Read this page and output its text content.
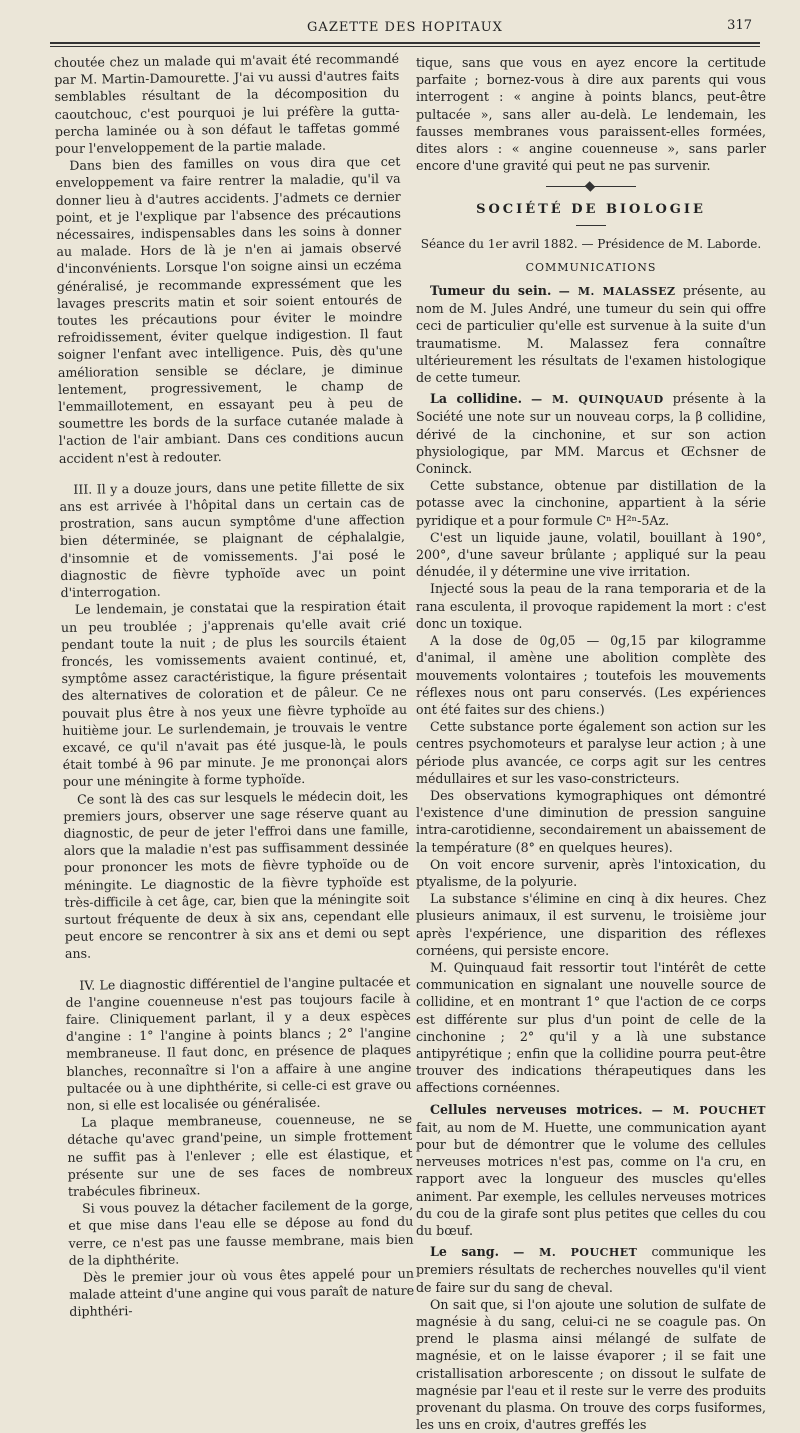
GAZETTE DES HOPITAUX	317

choutée chez un malade qui m'avait été recommandé par M. Martin-Damourette. J'ai vu aussi d'autres faits semblables résultant de la décomposition du caoutchouc, c'est pourquoi je lui préfère la gutta-percha laminée ou à son défaut le taffetas gommé pour l'enveloppement de la partie malade.

Dans bien des familles on vous dira que cet enveloppement va faire rentrer la maladie, qu'il va donner lieu à d'autres accidents. J'admets ce dernier point, et je l'explique par l'absence des précautions nécessaires, indispensables dans les soins à donner au malade. Hors de là je n'en ai jamais observé d'inconvénients. Lorsque l'on soigne ainsi un eczéma généralisé, je recommande expressément que les lavages prescrits matin et soir soient entourés de toutes les précautions pour éviter le moindre refroidissement, éviter quelque indigestion. Il faut soigner l'enfant avec intelligence. Puis, dès qu'une amélioration sensible se déclare, je diminue lentement, progressivement, le champ de l'emmaillotement, en essayant peu à peu de soumettre les bords de la surface cutanée malade à l'action de l'air ambiant. Dans ces conditions aucun accident n'est à redouter.

III. Il y a douze jours, dans une petite fillette de six ans est arrivée à l'hôpital dans un certain cas de prostration, sans aucun symptôme d'une affection bien déterminée, se plaignant de céphalalgie, d'insomnie et de vomissements. J'ai posé le diagnostic de fièvre typhoïde avec un point d'interrogation.

Le lendemain, je constatai que la respiration était un peu troublée ; j'apprenais qu'elle avait crié pendant toute la nuit ; de plus les sourcils étaient froncés, les vomissements avaient continué, et, symptôme assez caractéristique, la figure présentait des alternatives de coloration et de pâleur. Ce ne pouvait plus être à nos yeux une fièvre typhoïde au huitième jour. Le surlendemain, je trouvais le ventre excavé, ce qu'il n'avait pas été jusque-là, le pouls était tombé à 96 par minute. Je me prononçai alors pour une méningite à forme typhoïde.

Ce sont là des cas sur lesquels le médecin doit, les premiers jours, observer une sage réserve quant au diagnostic, de peur de jeter l'effroi dans une famille, alors que la maladie n'est pas suffisamment dessinée pour prononcer les mots de fièvre typhoïde ou de méningite. Le diagnostic de la fièvre typhoïde est très-difficile à cet âge, car, bien que la méningite soit surtout fréquente de deux à six ans, cependant elle peut encore se rencontrer à six ans et demi ou sept ans.

IV. Le diagnostic différentiel de l'angine pultacée et de l'angine couenneuse n'est pas toujours facile à faire. Cliniquement parlant, il y a deux espèces d'angine : 1° l'angine à points blancs ; 2° l'angine membraneuse. Il faut donc, en présence de plaques blanches, reconnaître si l'on a affaire à une angine pultacée ou à une diphthérite, si celle-ci est grave ou non, si elle est localisée ou généralisée.

La plaque membraneuse, couenneuse, ne se détache qu'avec grand'peine, un simple frottement ne suffit pas à l'enlever ; elle est élastique, et présente sur une de ses faces de nombreux trabécules fibrineux.

Si vous pouvez la détacher facilement de la gorge, et que mise dans l'eau elle se dépose au fond du verre, ce n'est pas une fausse membrane, mais bien de la diphthérite.

Dès le premier jour où vous êtes appelé pour un malade atteint d'une angine qui vous paraît de nature diphthéri-

tique, sans que vous en ayez encore la certitude parfaite ; bornez-vous à dire aux parents qui vous interrogent : « angine à points blancs, peut-être pultacée », sans aller au-delà. Le lendemain, les fausses membranes vous paraissent-elles formées, dites alors : « angine couenneuse », sans parler encore d'une gravité qui peut ne pas survenir.

SOCIÉTÉ DE BIOLOGIE
Séance du 1er avril 1882. — Présidence de M. Laborde.
COMMUNICATIONS

Tumeur du sein. — M. MALASSEZ présente, au nom de M. Jules André, une tumeur du sein qui offre ceci de particulier qu'elle est survenue à la suite d'un traumatisme. M. Malassez fera connaître ultérieurement les résultats de l'examen histologique de cette tumeur.

La collidine. — M. QUINQUAUD présente à la Société une note sur un nouveau corps, la β collidine, dérivé de la cinchonine, et sur son action physiologique, par MM. Marcus et Œchsner de Coninck.

Cette substance, obtenue par distillation de la potasse avec la cinchonine, appartient à la série pyridique et a pour formule Cⁿ H²ⁿ-5Az.

C'est un liquide jaune, volatil, bouillant à 190°, 200°, d'une saveur brûlante ; appliqué sur la peau dénudée, il y détermine une vive irritation.

Injecté sous la peau de la rana temporaria et de la rana esculenta, il provoque rapidement la mort : c'est donc un toxique.

A la dose de 0g,05 — 0g,15 par kilogramme d'animal, il amène une abolition complète des mouvements volontaires ; toutefois les mouvements réflexes nous ont paru conservés. (Les expériences ont été faites sur des chiens.)

Cette substance porte également son action sur les centres psychomoteurs et paralyse leur action ; à une période plus avancée, ce corps agit sur les centres médullaires et sur les vaso-constricteurs.

Des observations kymographiques ont démontré l'existence d'une diminution de pression sanguine intra-carotidienne, secondairement un abaissement de la température (8° en quelques heures).

On voit encore survenir, après l'intoxication, du ptyalisme, de la polyurie.

La substance s'élimine en cinq à dix heures. Chez plusieurs animaux, il est survenu, le troisième jour après l'expérience, une disparition des réflexes cornéens, qui persiste encore.

M. Quinquaud fait ressortir tout l'intérêt de cette communication en signalant une nouvelle source de collidine, et en montrant 1° que l'action de ce corps est différente sur plus d'un point de celle de la cinchonine ; 2° qu'il y a là une substance antipyrétique ; enfin que la collidine pourra peut-être trouver des indications thérapeutiques dans les affections cornéennes.

Cellules nerveuses motrices. — M. POUCHET fait, au nom de M. Huette, une communication ayant pour but de démontrer que le volume des cellules nerveuses motrices n'est pas, comme on l'a cru, en rapport avec la longueur des muscles qu'elles animent. Par exemple, les cellules nerveuses motrices du cou de la girafe sont plus petites que celles du cou du bœuf.

Le sang. — M. POUCHET communique les premiers résultats de recherches nouvelles qu'il vient de faire sur du sang de cheval.

On sait que, si l'on ajoute une solution de sulfate de magnésie à du sang, celui-ci ne se coagule pas. On prend le plasma ainsi mélangé de sulfate de magnésie, et on le laisse évaporer ; il se fait une cristallisation arborescente ; on dissout le sulfate de magnésie par l'eau et il reste sur le verre des produits provenant du plasma. On trouve des corps fusiformes, les uns en croix, d'autres greffés les
